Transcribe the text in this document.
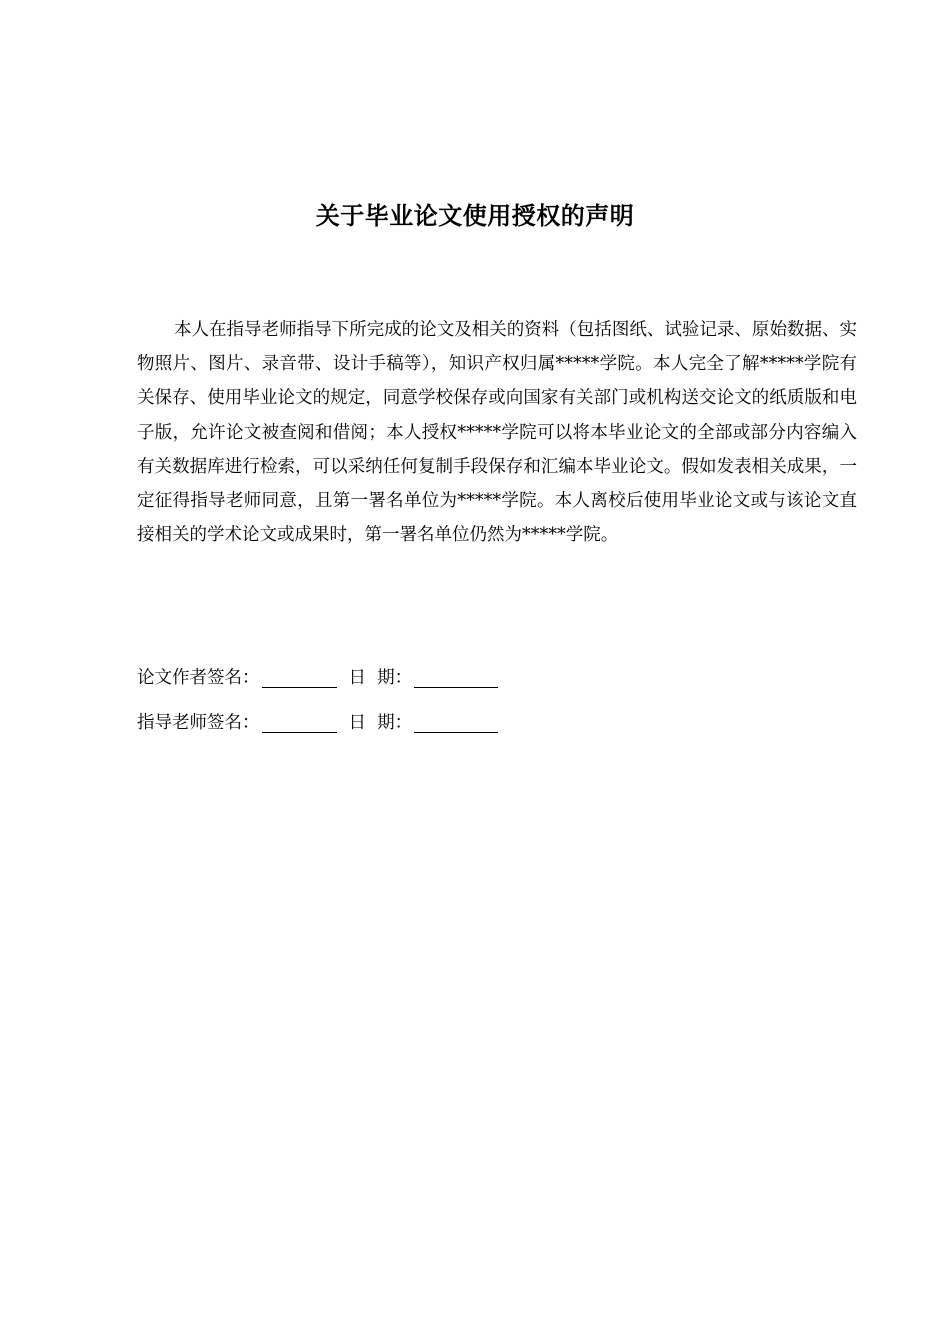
关于毕业论文使用授权的声明

本人在指导老师指导下所完成的论文及相关的资料（包括图纸、试验记录、原始数据、实物照片、图片、录音带、设计手稿等），知识产权归属*****学院。本人完全了解*****学院有关保存、使用毕业论文的规定，同意学校保存或向国家有关部门或机构送交论文的纸质版和电子版，允许论文被查阅和借阅；本人授权*****学院可以将本毕业论文的全部或部分内容编入有关数据库进行检索，可以采纳任何复制手段保存和汇编本毕业论文。假如发表相关成果，一定征得指导老师同意，且第一署名单位为*****学院。本人离校后使用毕业论文或与该论文直接相关的学术论文或成果时，第一署名单位仍然为*****学院。

论文作者签名：	日  期：
指导老师签名：	日  期：
